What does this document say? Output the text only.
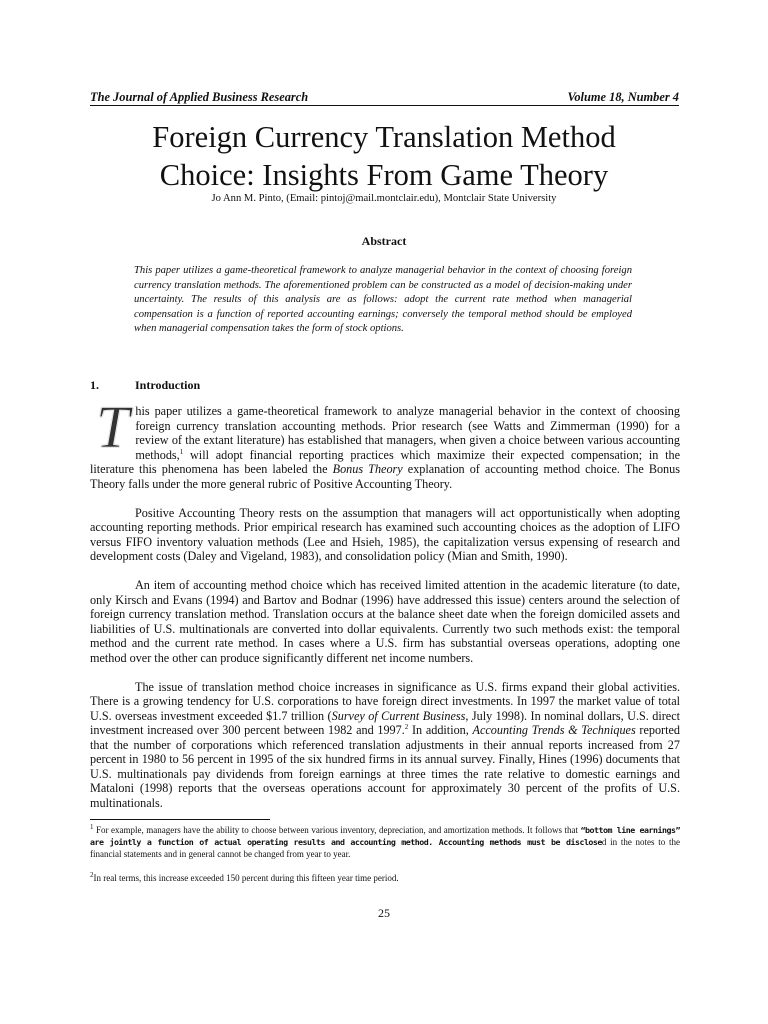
The Journal of Applied Business Research	Volume 18, Number 4
Foreign Currency Translation Method
Choice: Insights From Game Theory
Jo Ann M. Pinto, (Email: pintoj@mail.montclair.edu), Montclair State University
Abstract

This paper utilizes a game-theoretical framework to analyze managerial behavior in the context of choosing foreign currency translation methods. The aforementioned problem can be constructed as a model of decision-making under uncertainty. The results of this analysis are as follows: adopt the current rate method when managerial compensation is a function of reported accounting earnings; conversely the temporal method should be employed when managerial compensation takes the form of stock options.

1.	Introduction

This paper utilizes a game-theoretical framework to analyze managerial behavior in the context of choosing foreign currency translation accounting methods. Prior research (see Watts and Zimmerman (1990) for a review of the extant literature) has established that managers, when given a choice between various accounting methods,$^1$ will adopt financial reporting practices which maximize their expected compensation; in the literature this phenomena has been labeled the Bonus Theory explanation of accounting method choice. The Bonus Theory falls under the more general rubric of Positive Accounting Theory.

Positive Accounting Theory rests on the assumption that managers will act opportunistically when adopting accounting reporting methods. Prior empirical research has examined such accounting choices as the adoption of LIFO versus FIFO inventory valuation methods (Lee and Hsieh, 1985), the capitalization versus expensing of research and development costs (Daley and Vigeland, 1983), and consolidation policy (Mian and Smith, 1990).

An item of accounting method choice which has received limited attention in the academic literature (to date, only Kirsch and Evans (1994) and Bartov and Bodnar (1996) have addressed this issue) centers around the selection of foreign currency translation method. Translation occurs at the balance sheet date when the foreign domiciled assets and liabilities of U.S. multinationals are converted into dollar equivalents. Currently two such methods exist: the temporal method and the current rate method. In cases where a U.S. firm has substantial overseas operations, adopting one method over the other can produce significantly different net income numbers.

The issue of translation method choice increases in significance as U.S. firms expand their global activities. There is a growing tendency for U.S. corporations to have foreign direct investments. In 1997 the market value of total U.S. overseas investment exceeded $1.7 trillion (Survey of Current Business, July 1998). In nominal dollars, U.S. direct investment increased over 300 percent between 1982 and 1997.$^2$ In addition, Accounting Trends & Techniques reported that the number of corporations which referenced translation adjustments in their annual reports increased from 27 percent in 1980 to 56 percent in 1995 of the six hundred firms in its annual survey. Finally, Hines (1996) documents that U.S. multinationals pay dividends from foreign earnings at three times the rate relative to domestic earnings and Mataloni (1998) reports that the overseas operations account for approximately 30 percent of the profits of U.S. multinationals.

$^1$ For example, managers have the ability to choose between various inventory, depreciation, and amortization methods. It follows that “bottom line earnings” are jointly a function of actual operating results and accounting method. Accounting methods must be disclosed in the notes to the financial statements and in general cannot be changed from year to year.

$^2$In real terms, this increase exceeded 150 percent during this fifteen year time period.

25
